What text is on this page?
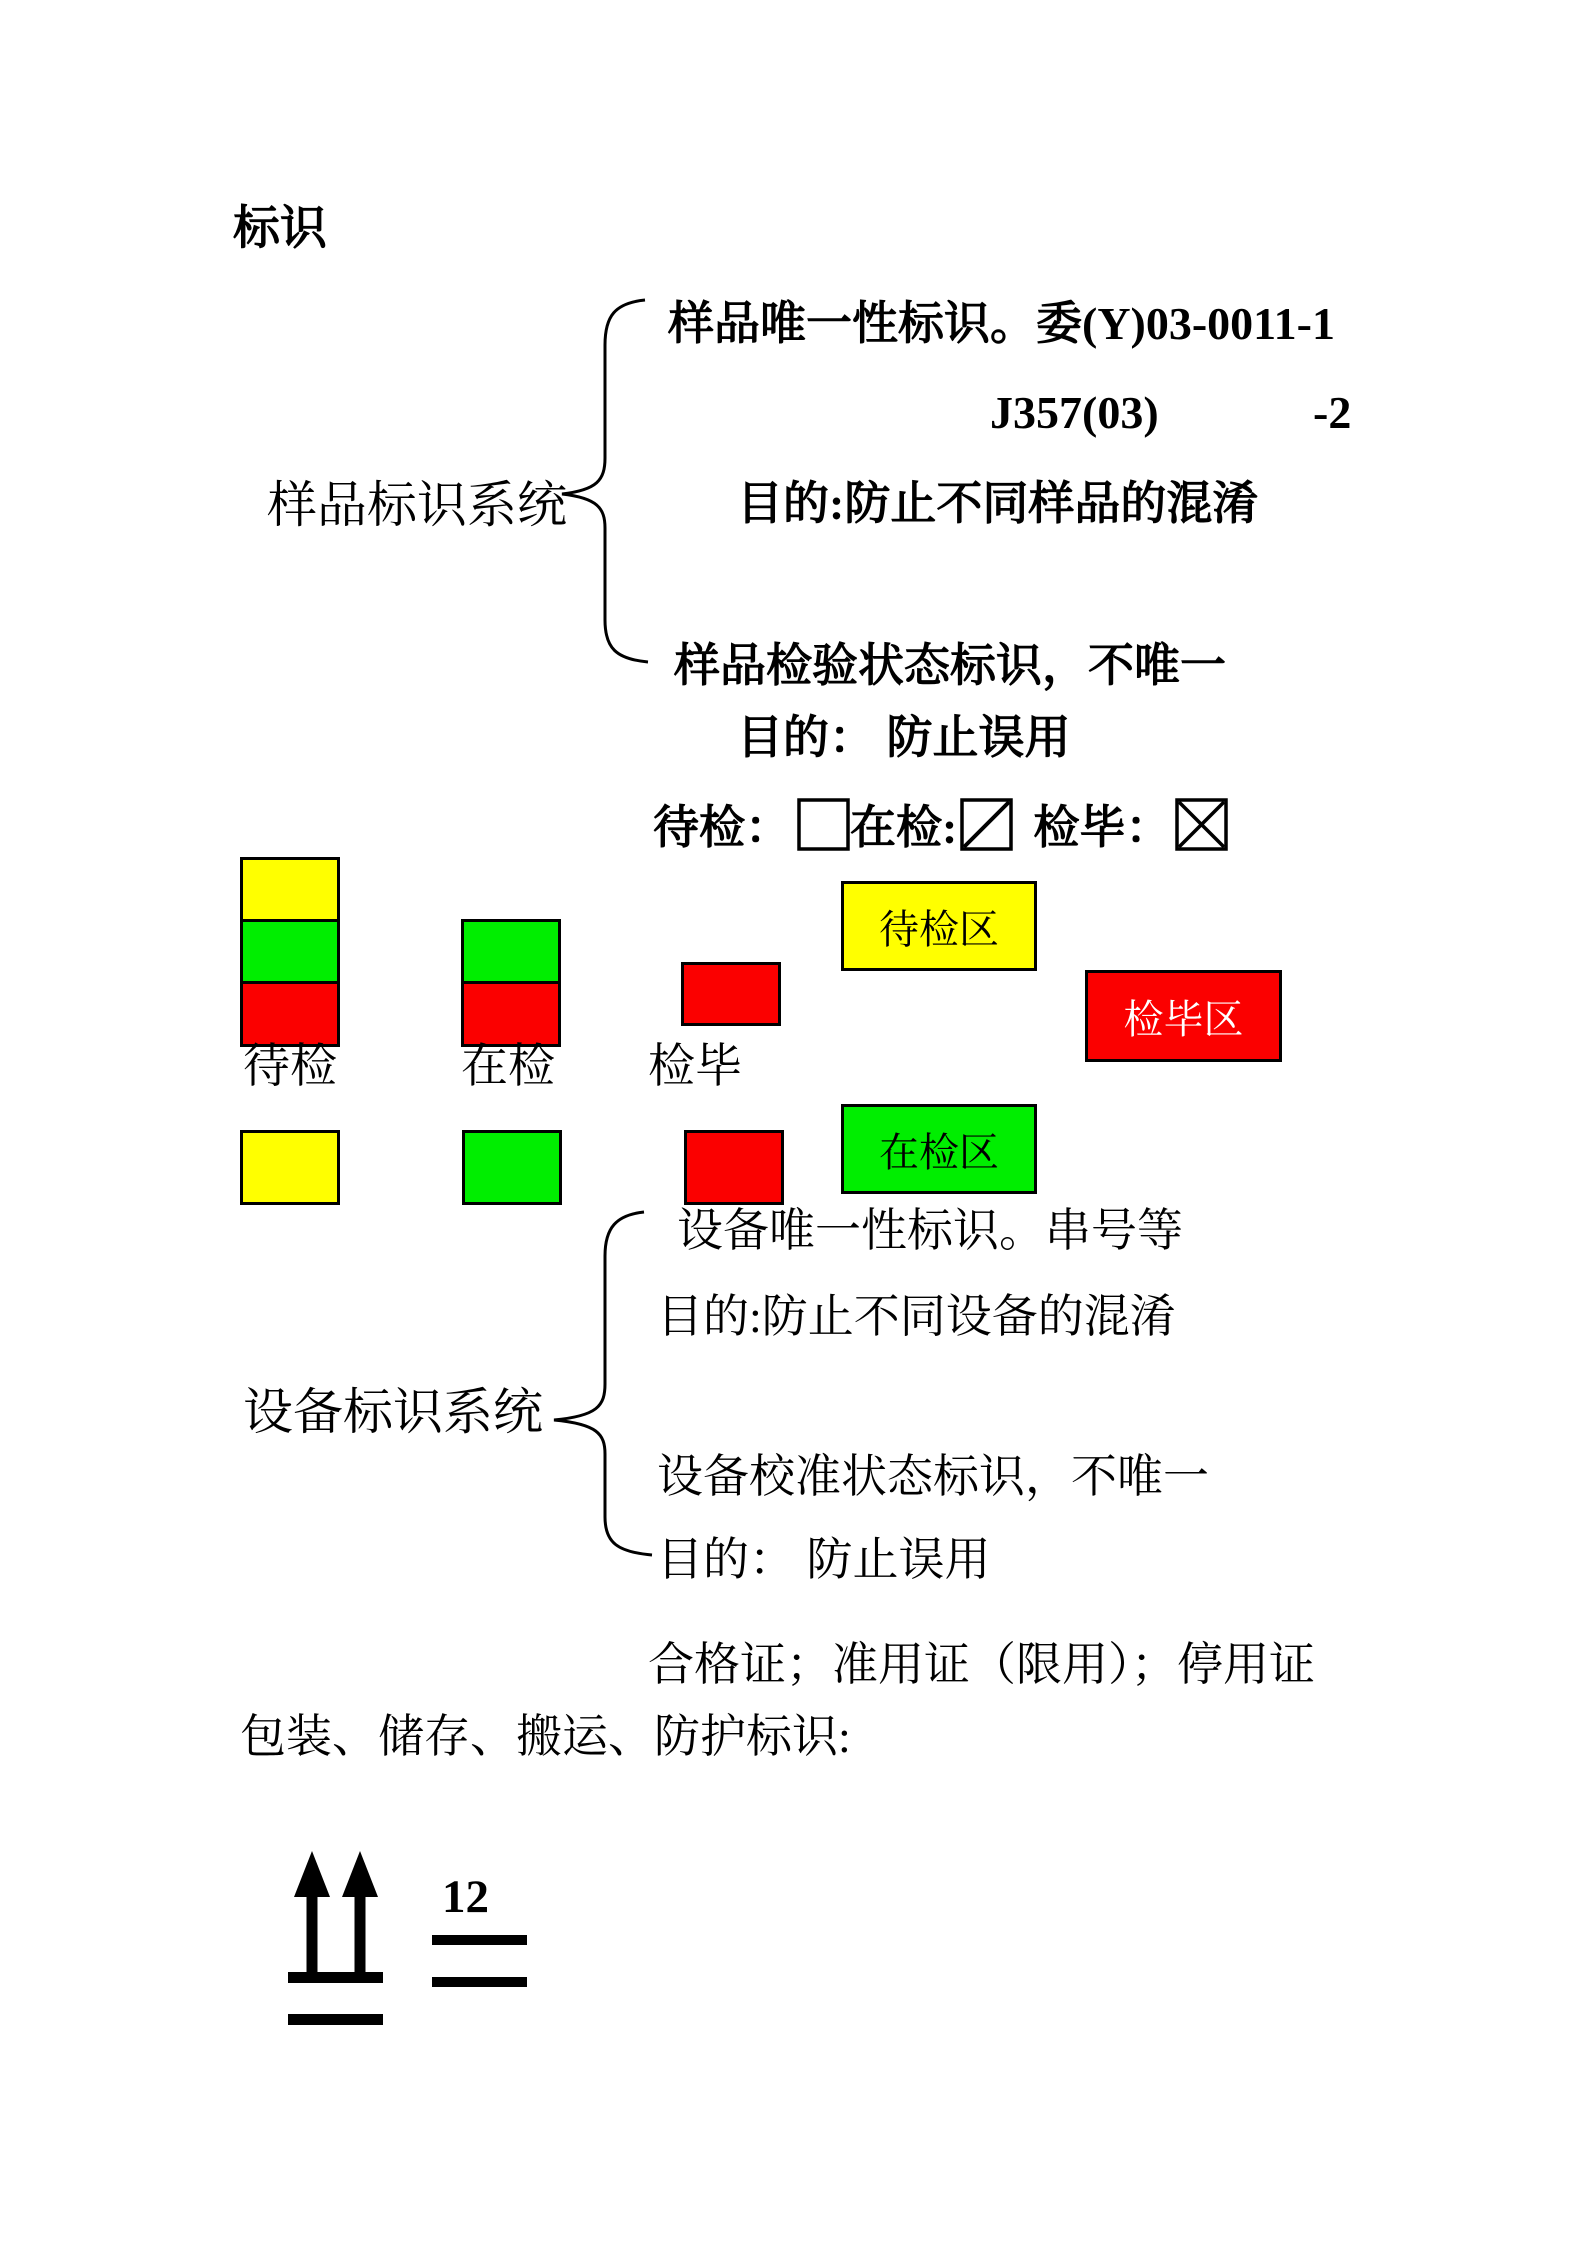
标识
样品唯一性标识。委(Y)03-0011-1
J357(03)	-2
样品标识系统	目的:防止不同样品的混淆
样品检验状态标识，不唯一
目的： 防止误用
待检： 在检: 检毕：
待检	在检 检毕
待检区
检毕区
在检区
设备唯一性标识。串号等
目的:防止不同设备的混淆
设备标识系统
设备校准状态标识，不唯一
目的： 防止误用
合格证；准用证（限用）；停用证
包装、储存、搬运、防护标识:
12
